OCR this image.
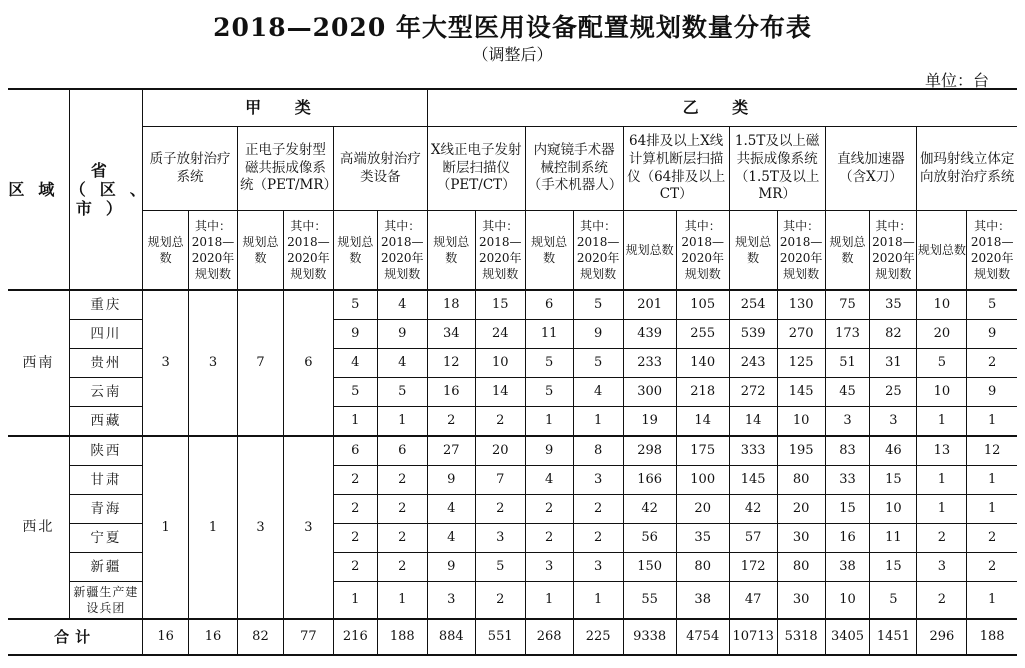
2018—2020 年大型医用设备配置规划数量分布表
（调整后）
单位：台
区域	省（区、市）	甲 类						乙 类											
		质子放射治疗系统		正电子发射型磁共振成像系统（PET/MR）		高端放射治疗类设备		X线正电子发射断层扫描仪（PET/CT）		内窥镜手术器械控制系统（手术机器人）		64排及以上X线计算机断层扫描仪（64排及以上CT）		1.5T及以上磁共振成像系统（1.5T及以上 MR）		直线加速器（含X刀）		伽玛射线立体定向放射治疗系统	
		规划总数	其中：2018—2020年规划数	规划总数	其中：2018—2020年规划数	规划总数	其中：2018—2020年规划数	规划总数	其中：2018—2020年规划数	规划总数	其中：2018—2020年规划数	规划总数	其中：2018—2020年规划数	规划总数	其中：2018—2020年规划数	规划总数	其中：2018—2020年规划数	规划总数	其中：2018—2020年规划数
西南	重庆	3	3	7	6	5	4	18	15	6	5	201	105	254	130	75	35	10	5
	四川					9	9	34	24	11	9	439	255	539	270	173	82	20	9
	贵州					4	4	12	10	5	5	233	140	243	125	51	31	5	2
	云南					5	5	16	14	5	4	300	218	272	145	45	25	10	9
	西藏					1	1	2	2	1	1	19	14	14	10	3	3	1	1
西北	陕西	1	1	3	3	6	6	27	20	9	8	298	175	333	195	83	46	13	12
	甘肃					2	2	9	7	4	3	166	100	145	80	33	15	1	1
	青海					2	2	4	2	2	2	42	20	42	20	15	10	1	1
	宁夏					2	2	4	3	2	2	56	35	57	30	16	11	2	2
	新疆					2	2	9	5	3	3	150	80	172	80	38	15	3	2
	新疆生产建设兵团					1	1	3	2	1	1	55	38	47	30	10	5	2	1
合计		16	16	82	77	216	188	884	551	268	225	9338	4754	10713	5318	3405	1451	296	188
